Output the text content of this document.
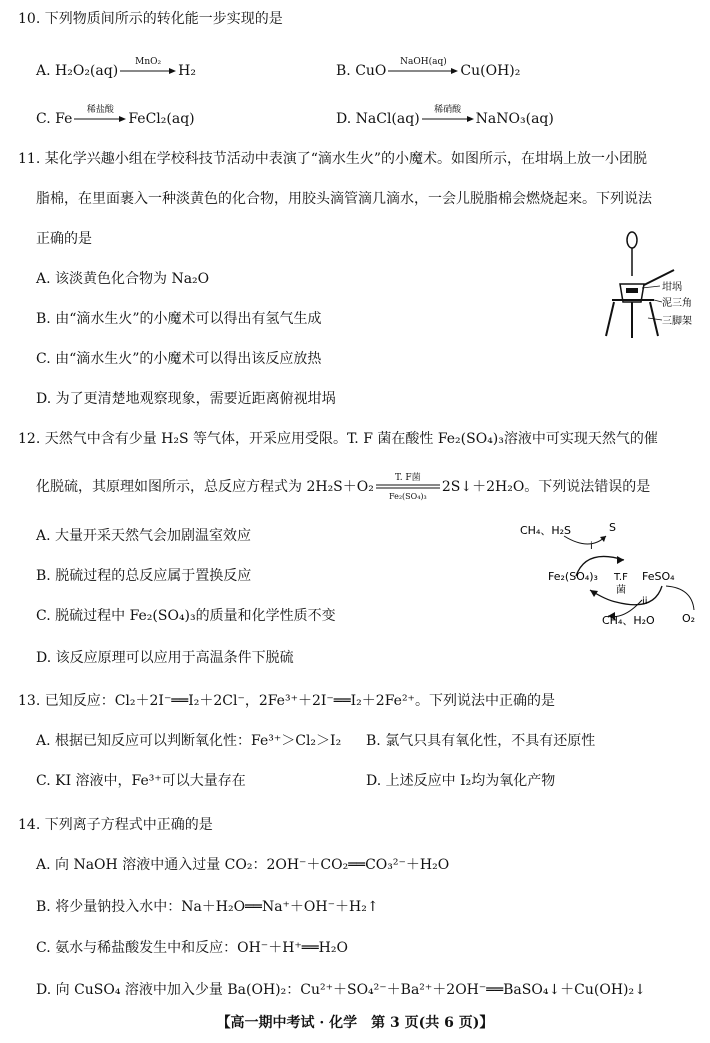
10. 下列物质间所示的转化能一步实现的是
A. H₂O₂(aq)
MnO₂
H₂	B. CuO
NaOH(aq)
Cu(OH)₂
C. Fe
稀盐酸
FeCl₂(aq)	D. NaCl(aq)
稀硝酸
NaNO₃(aq)
11. 某化学兴趣小组在学校科技节活动中表演了“滴水生火”的小魔术。如图所示，在坩埚上放一小团脱
脂棉，在里面裹入一种淡黄色的化合物，用胶头滴管滴几滴水，一会儿脱脂棉会燃烧起来。下列说法
正确的是
A. 该淡黄色化合物为 Na₂O
B. 由“滴水生火”的小魔术可以得出有氢气生成
C. 由“滴水生火”的小魔术可以得出该反应放热
D. 为了更清楚地观察现象，需要近距离俯视坩埚
坩埚
泥三角
三脚架
12. 天然气中含有少量 H₂S 等气体，开采应用受限。T. F 菌在酸性 Fe₂(SO₄)₃溶液中可实现天然气的催
化脱硫，其原理如图所示，总反应方程式为 2H₂S＋O₂
T. F菌
Fe₂(SO₄)₃
2S↓＋2H₂O。下列说法错误的是
A. 大量开采天然气会加剧温室效应
B. 脱硫过程的总反应属于置换反应
C. 脱硫过程中 Fe₂(SO₄)₃的质量和化学性质不变
D. 该反应原理可以应用于高温条件下脱硫
CH₄、H₂S	S
i
T.F
菌
Fe₂(SO₄)₃	FeSO₄
ii
CH₄、H₂O O₂
13. 已知反应：Cl₂＋2I⁻══I₂＋2Cl⁻，2Fe³⁺＋2I⁻══I₂＋2Fe²⁺。下列说法中正确的是
A. 根据已知反应可以判断氧化性：Fe³⁺＞Cl₂＞I₂ B. 氯气只具有氧化性，不具有还原性
C. KI 溶液中，Fe³⁺可以大量存在	D. 上述反应中 I₂均为氧化产物
14. 下列离子方程式中正确的是
A. 向 NaOH 溶液中通入过量 CO₂：2OH⁻＋CO₂══CO₃²⁻＋H₂O
B. 将少量钠投入水中：Na＋H₂O══Na⁺＋OH⁻＋H₂↑
C. 氨水与稀盐酸发生中和反应：OH⁻＋H⁺══H₂O
D. 向 CuSO₄ 溶液中加入少量 Ba(OH)₂：Cu²⁺＋SO₄²⁻＋Ba²⁺＋2OH⁻══BaSO₄↓＋Cu(OH)₂↓
【高一期中考试 · 化学　第 3 页(共 6 页)】
